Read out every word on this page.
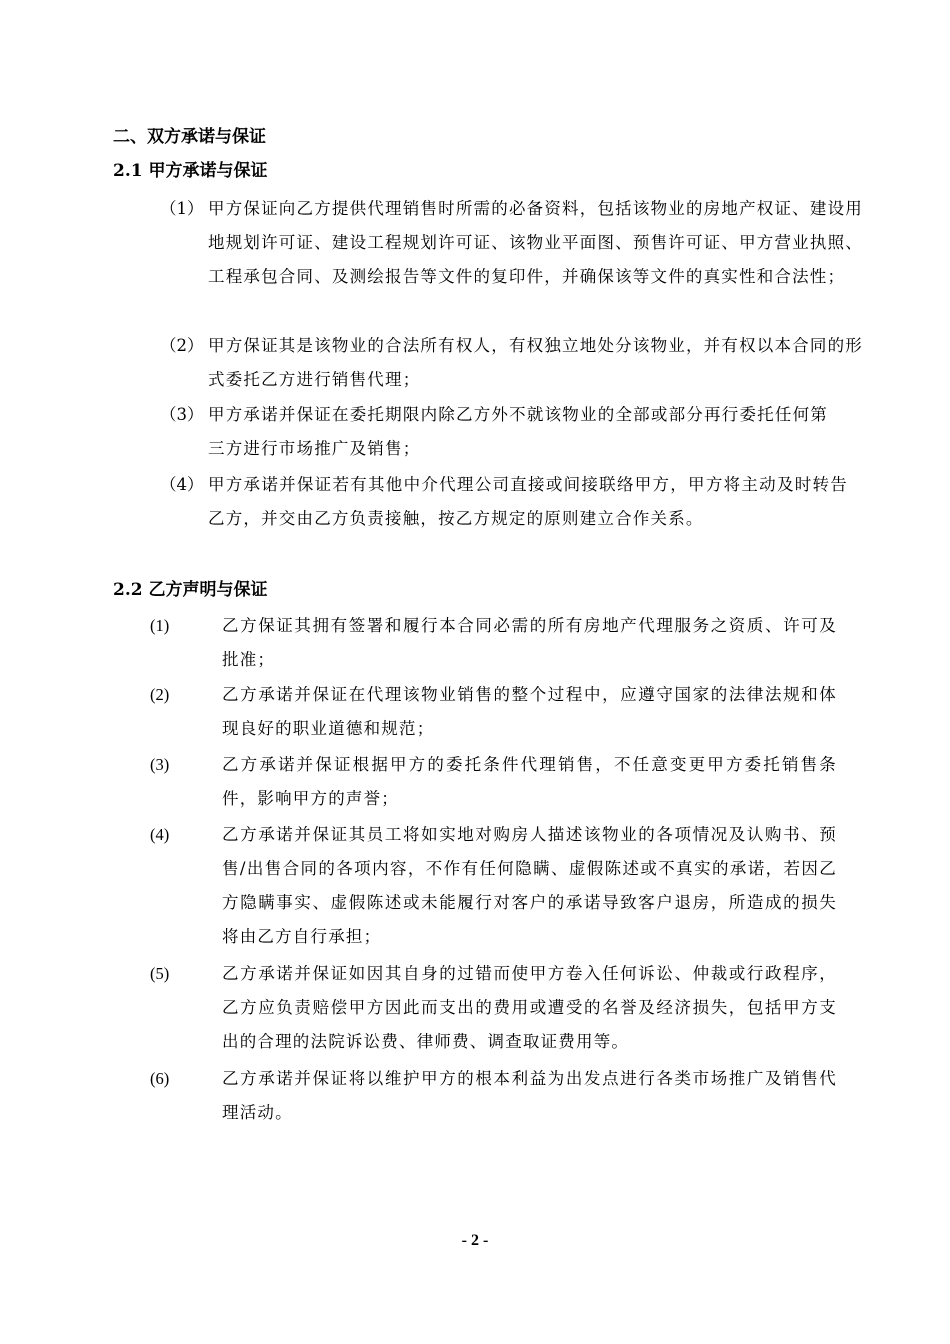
二、双方承诺与保证
2.1 甲方承诺与保证
（1） 甲方保证向乙方提供代理销售时所需的必备资料，包括该物业的房地产权证、建设用地规划许可证、建设工程规划许可证、该物业平面图、预售许可证、甲方营业执照、工程承包合同、及测绘报告等文件的复印件，并确保该等文件的真实性和合法性；
（2） 甲方保证其是该物业的合法所有权人，有权独立地处分该物业，并有权以本合同的形式委托乙方进行销售代理；
（3） 甲方承诺并保证在委托期限内除乙方外不就该物业的全部或部分再行委托任何第三方进行市场推广及销售；
（4） 甲方承诺并保证若有其他中介代理公司直接或间接联络甲方，甲方将主动及时转告乙方，并交由乙方负责接触，按乙方规定的原则建立合作关系。
2.2 乙方声明与保证
(1)	乙方保证其拥有签署和履行本合同必需的所有房地产代理服务之资质、许可及批准；
(2)	乙方承诺并保证在代理该物业销售的整个过程中，应遵守国家的法律法规和体现良好的职业道德和规范；
(3)	乙方承诺并保证根据甲方的委托条件代理销售，不任意变更甲方委托销售条件，影响甲方的声誉；
(4)	乙方承诺并保证其员工将如实地对购房人描述该物业的各项情况及认购书、预售/出售合同的各项内容，不作有任何隐瞒、虚假陈述或不真实的承诺，若因乙方隐瞒事实、虚假陈述或未能履行对客户的承诺导致客户退房，所造成的损失将由乙方自行承担；
(5)	乙方承诺并保证如因其自身的过错而使甲方卷入任何诉讼、仲裁或行政程序，乙方应负责赔偿甲方因此而支出的费用或遭受的名誉及经济损失，包括甲方支出的合理的法院诉讼费、律师费、调查取证费用等。
(6)	乙方承诺并保证将以维护甲方的根本利益为出发点进行各类市场推广及销售代理活动。
- 2 -
